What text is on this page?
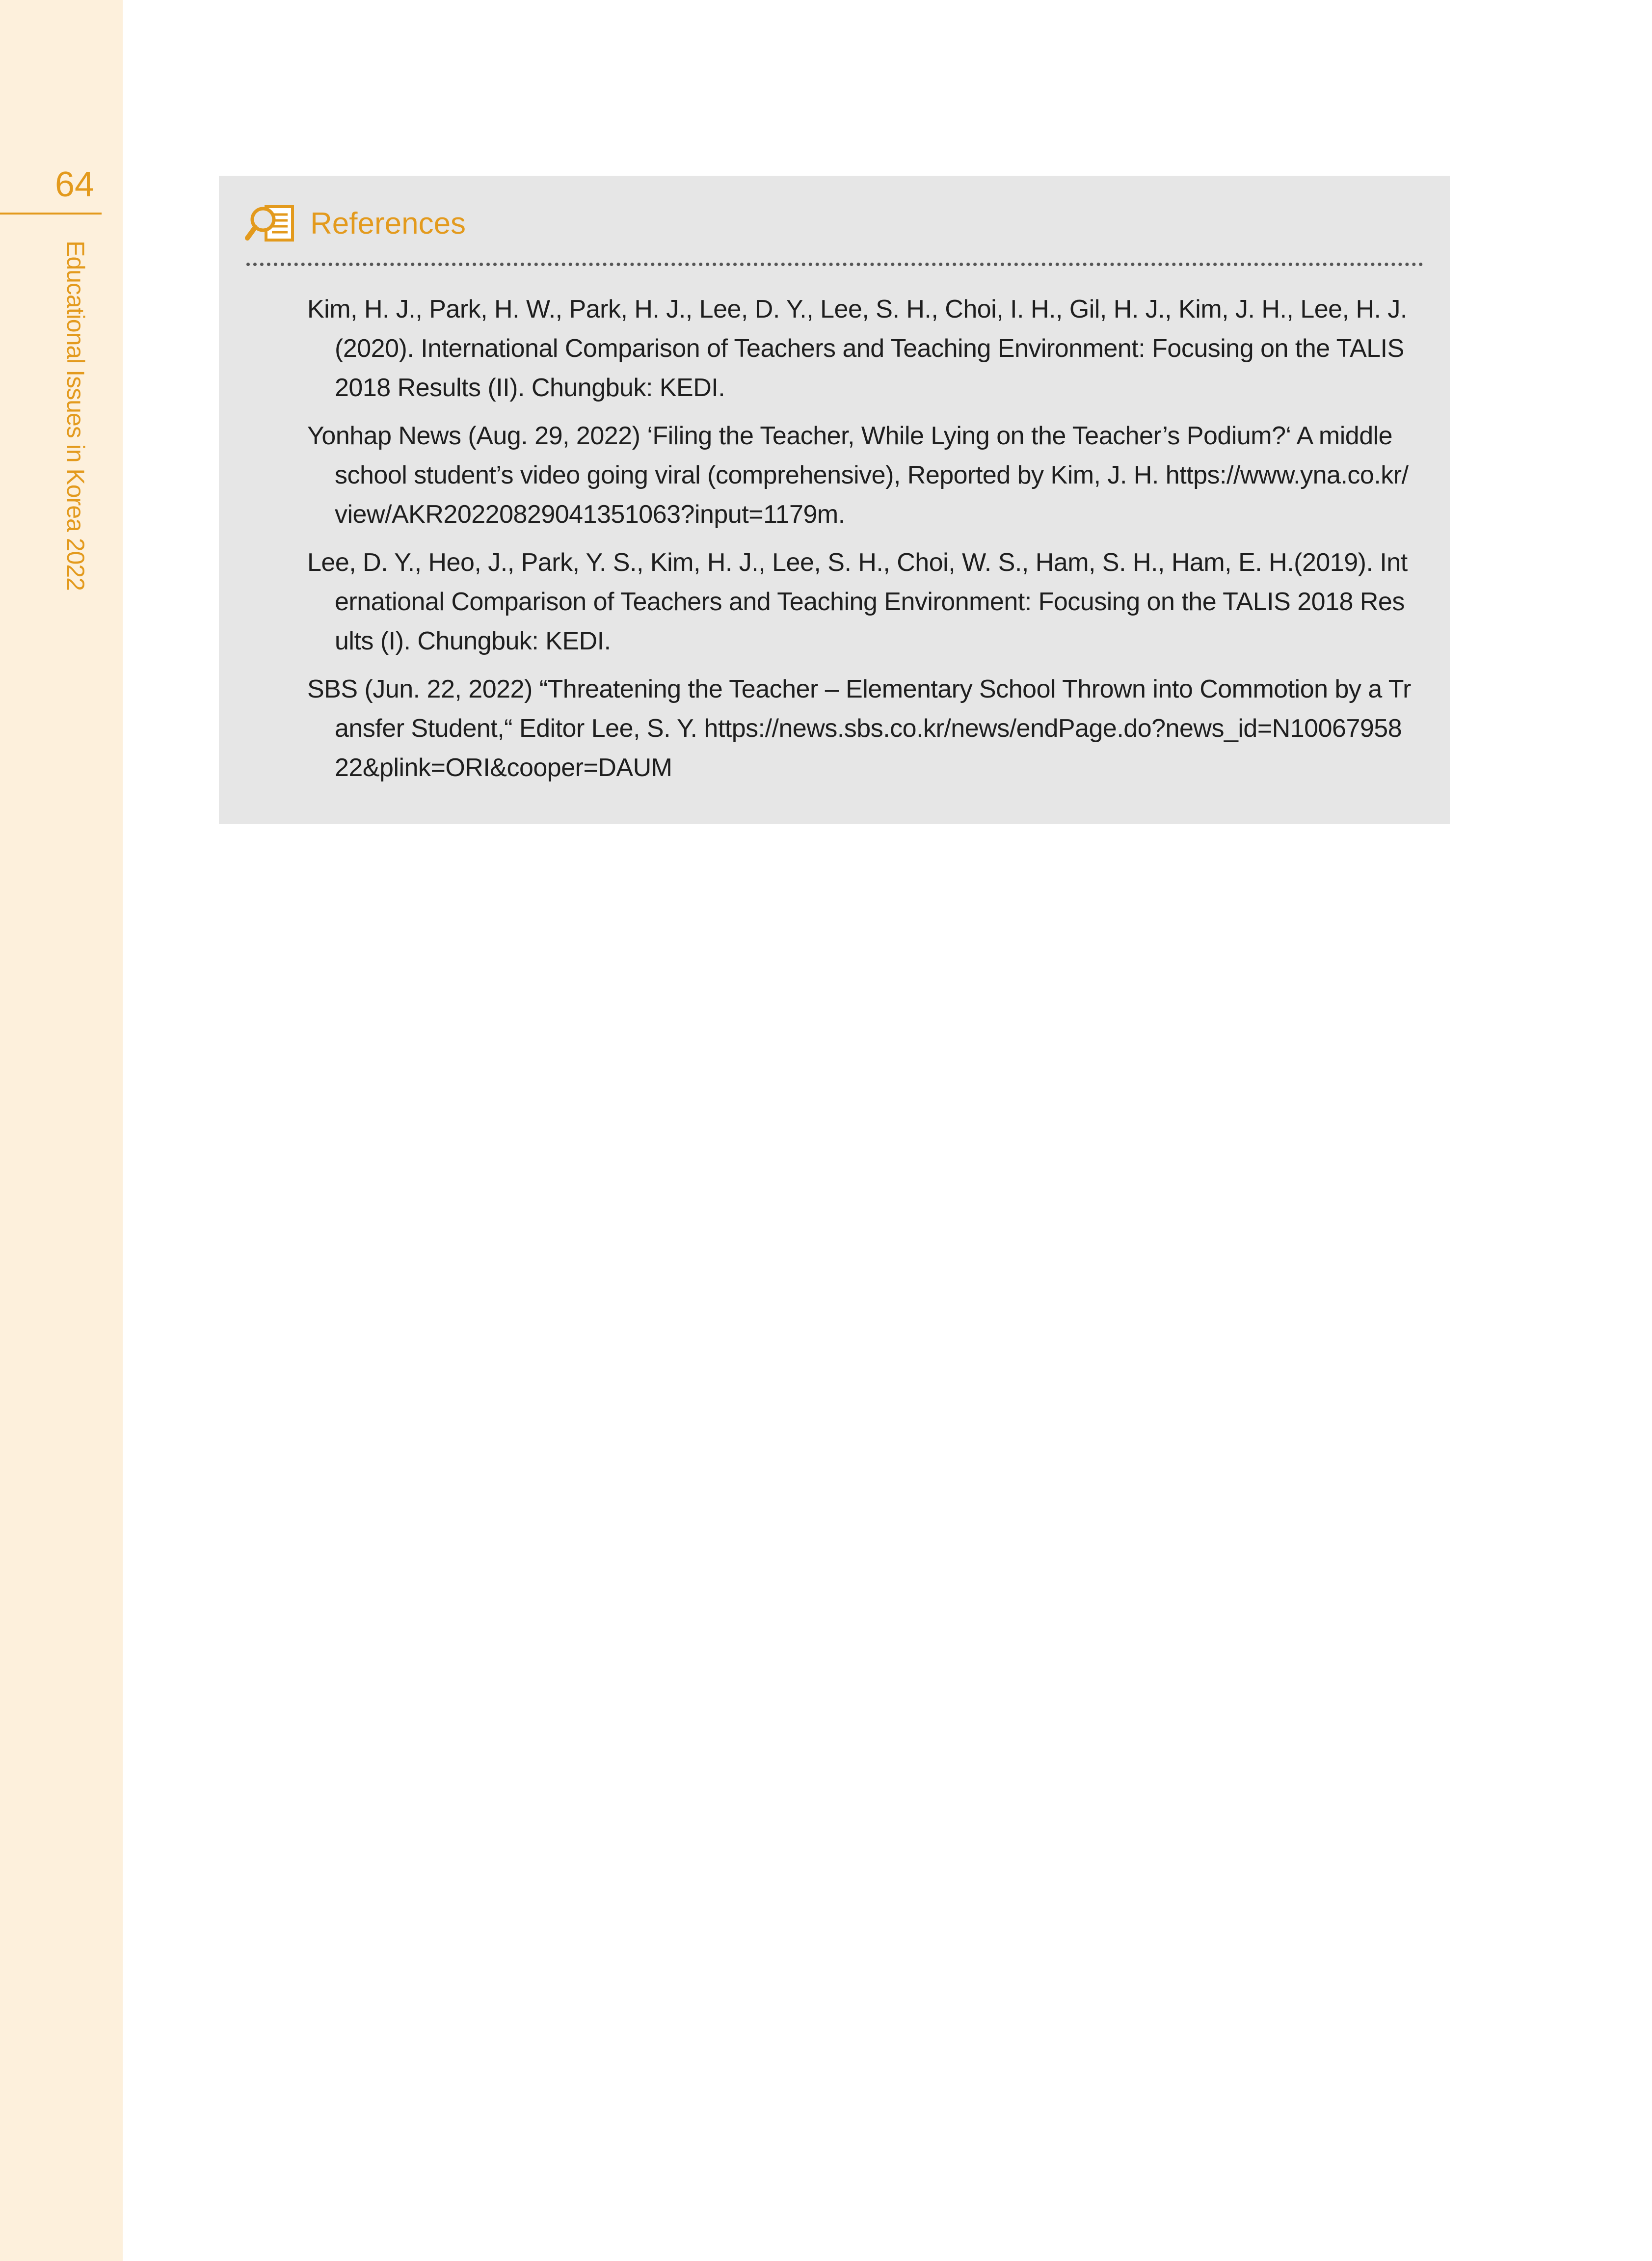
64
Educational Issues in Korea 2022
References
Kim, H. J., Park, H. W., Park, H. J., Lee, D. Y., Lee, S. H., Choi, I. H., Gil, H. J., Kim, J. H., Lee, H. J.(2020). International Comparison of Teachers and Teaching Environment: Focusing on the TALIS 2018 Results (II). Chungbuk: KEDI.
Yonhap News (Aug. 29, 2022) ‘Filing the Teacher, While Lying on the Teacher’s Podium?‘ A middle school student’s video going viral (comprehensive), Reported by Kim, J. H. https://www.yna.co.kr/view/AKR20220829041351063?input=1179m.
Lee, D. Y., Heo, J., Park, Y. S., Kim, H. J., Lee, S. H., Choi, W. S., Ham, S. H., Ham, E. H.(2019). International Comparison of Teachers and Teaching Environment: Focusing on the TALIS 2018 Results (I). Chungbuk: KEDI.
SBS (Jun. 22, 2022) “Threatening the Teacher – Elementary School Thrown into Commotion by a Transfer Student,“ Editor Lee, S. Y. https://news.sbs.co.kr/news/endPage.do?news_id=N1006795822&plink=ORI&cooper=DAUM
